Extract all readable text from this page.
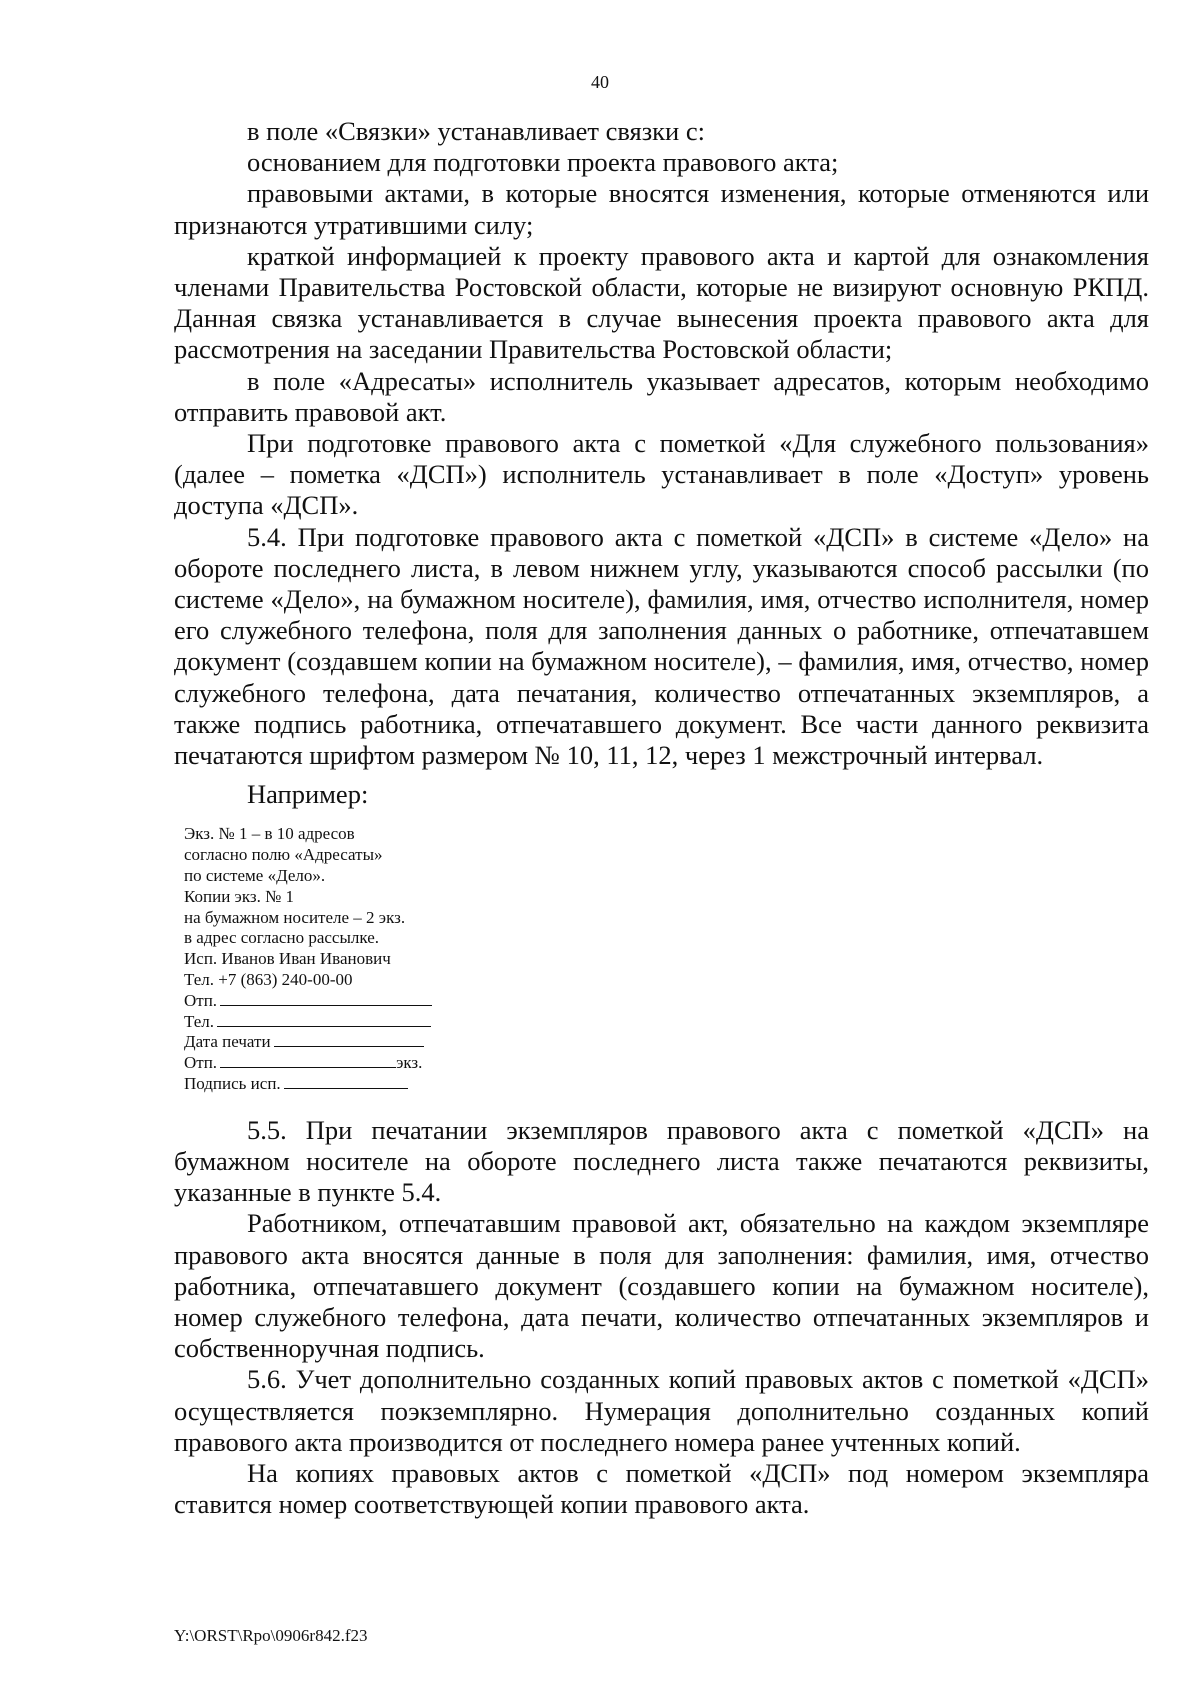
40

в поле «Связки» устанавливает связки с:

основанием для подготовки проекта правового акта;

правовыми актами, в которые вносятся изменения, которые отменяются или признаются утратившими силу;

краткой информацией к проекту правового акта и картой для ознакомления членами Правительства Ростовской области, которые не визируют основную РКПД. Данная связка устанавливается в случае вынесения проекта правового акта для рассмотрения на заседании Правительства Ростовской области;

в поле «Адресаты» исполнитель указывает адресатов, которым необходимо отправить правовой акт.

При подготовке правового акта с пометкой «Для служебного пользования» (далее – пометка «ДСП») исполнитель устанавливает в поле «Доступ» уровень доступа «ДСП».

5.4. При подготовке правового акта с пометкой «ДСП» в системе «Дело» на обороте последнего листа, в левом нижнем углу, указываются способ рассылки (по системе «Дело», на бумажном носителе), фамилия, имя, отчество исполнителя, номер его служебного телефона, поля для заполнения данных о работнике, отпечатавшем документ (создавшем копии на бумажном носителе), – фамилия, имя, отчество, номер служебного телефона, дата печатания, количество отпечатанных экземпляров, а также подпись работника, отпечатавшего документ. Все части данного реквизита печатаются шрифтом размером № 10, 11, 12, через 1 межстрочный интервал.

Например:

Экз. № 1 – в 10 адресов
согласно полю «Адресаты»
по системе «Дело».
Копии экз. № 1
на бумажном носителе – 2 экз.
в адрес согласно рассылке.
Исп. Иванов Иван Иванович
Тел. +7 (863) 240-00-00
Отп.
Тел.
Дата печати
Отп.	экз.
Подпись исп.

5.5. При печатании экземпляров правового акта с пометкой «ДСП» на бумажном носителе на обороте последнего листа также печатаются реквизиты, указанные в пункте 5.4.

Работником, отпечатавшим правовой акт, обязательно на каждом экземпляре правового акта вносятся данные в поля для заполнения: фамилия, имя, отчество работника, отпечатавшего документ (создавшего копии на бумажном носителе), номер служебного телефона, дата печати, количество отпечатанных экземпляров и собственноручная подпись.

5.6. Учет дополнительно созданных копий правовых актов с пометкой «ДСП» осуществляется поэкземплярно. Нумерация дополнительно созданных копий правового акта производится от последнего номера ранее учтенных копий.

На копиях правовых актов с пометкой «ДСП» под номером экземпляра ставится номер соответствующей копии правового акта.

Y:\ORST\Rpo\0906r842.f23
